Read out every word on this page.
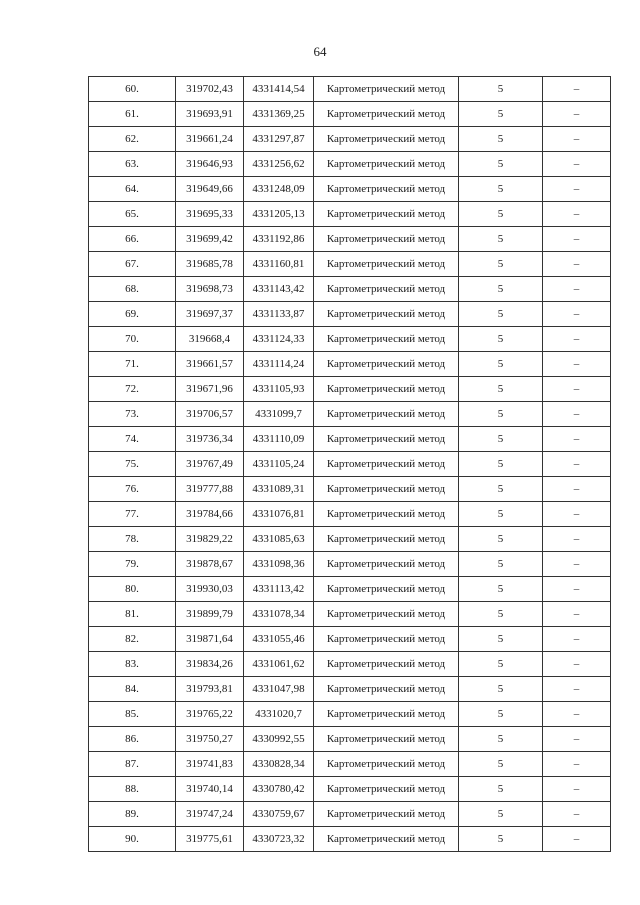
64
60.	319702,43	4331414,54	Картометрический метод	5	–
61.	319693,91	4331369,25	Картометрический метод	5	–
62.	319661,24	4331297,87	Картометрический метод	5	–
63.	319646,93	4331256,62	Картометрический метод	5	–
64.	319649,66	4331248,09	Картометрический метод	5	–
65.	319695,33	4331205,13	Картометрический метод	5	–
66.	319699,42	4331192,86	Картометрический метод	5	–
67.	319685,78	4331160,81	Картометрический метод	5	–
68.	319698,73	4331143,42	Картометрический метод	5	–
69.	319697,37	4331133,87	Картометрический метод	5	–
70.	319668,4	4331124,33	Картометрический метод	5	–
71.	319661,57	4331114,24	Картометрический метод	5	–
72.	319671,96	4331105,93	Картометрический метод	5	–
73.	319706,57	4331099,7	Картометрический метод	5	–
74.	319736,34	4331110,09	Картометрический метод	5	–
75.	319767,49	4331105,24	Картометрический метод	5	–
76.	319777,88	4331089,31	Картометрический метод	5	–
77.	319784,66	4331076,81	Картометрический метод	5	–
78.	319829,22	4331085,63	Картометрический метод	5	–
79.	319878,67	4331098,36	Картометрический метод	5	–
80.	319930,03	4331113,42	Картометрический метод	5	–
81.	319899,79	4331078,34	Картометрический метод	5	–
82.	319871,64	4331055,46	Картометрический метод	5	–
83.	319834,26	4331061,62	Картометрический метод	5	–
84.	319793,81	4331047,98	Картометрический метод	5	–
85.	319765,22	4331020,7	Картометрический метод	5	–
86.	319750,27	4330992,55	Картометрический метод	5	–
87.	319741,83	4330828,34	Картометрический метод	5	–
88.	319740,14	4330780,42	Картометрический метод	5	–
89.	319747,24	4330759,67	Картометрический метод	5	–
90.	319775,61	4330723,32	Картометрический метод	5	–
